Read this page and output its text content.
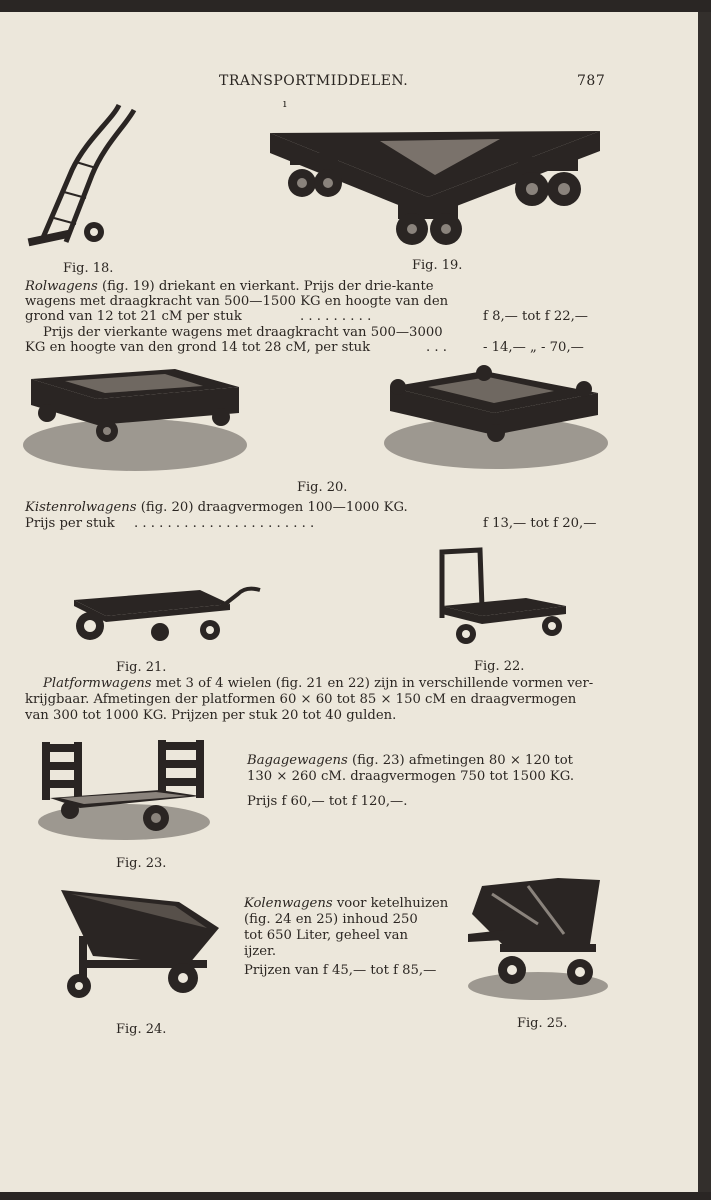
TRANSPORTMIDDELEN.	787
ı
Fig. 18.	Fig. 19.
Rolwagens (fig. 19) driekant en vierkant. Prijs der drie-kante
wagens met draagkracht van 500—1500 KG en hoogte van den
grond van 12 tot 21 cM per stuk	. . . . . . . . .	f 8,— tot f 22,—
Prijs der vierkante wagens met draagkracht van 500—3000
KG en hoogte van den grond 14 tot 28 cM, per stuk	. . .	- 14,— „ - 70,—
Fig. 20.
Kistenrolwagens (fig. 20) draagvermogen 100—1000 KG.
Prijs per stuk . . . . . . . . . . . . . . . . . . . . . .	f 13,— tot f 20,—
Fig. 21.	Fig. 22.
Platformwagens met 3 of 4 wielen (fig. 21 en 22) zijn in verschillende vormen ver-
krijgbaar. Afmetingen der platformen 60 × 60 tot 85 × 150 cM en draagvermogen
van 300 tot 1000 KG. Prijzen per stuk 20 tot 40 gulden.
Fig. 23.
Bagagewagens (fig. 23) afmetingen 80 × 120 tot
130 × 260 cM. draagvermogen 750 tot 1500 KG.
Prijs f 60,— tot f 120,—.
Fig. 24.
Kolenwagens voor ketelhuizen
(fig. 24 en 25) inhoud 250
tot 650 Liter, geheel van
ijzer.
Prijzen van f 45,— tot f 85,—
Fig. 25.
